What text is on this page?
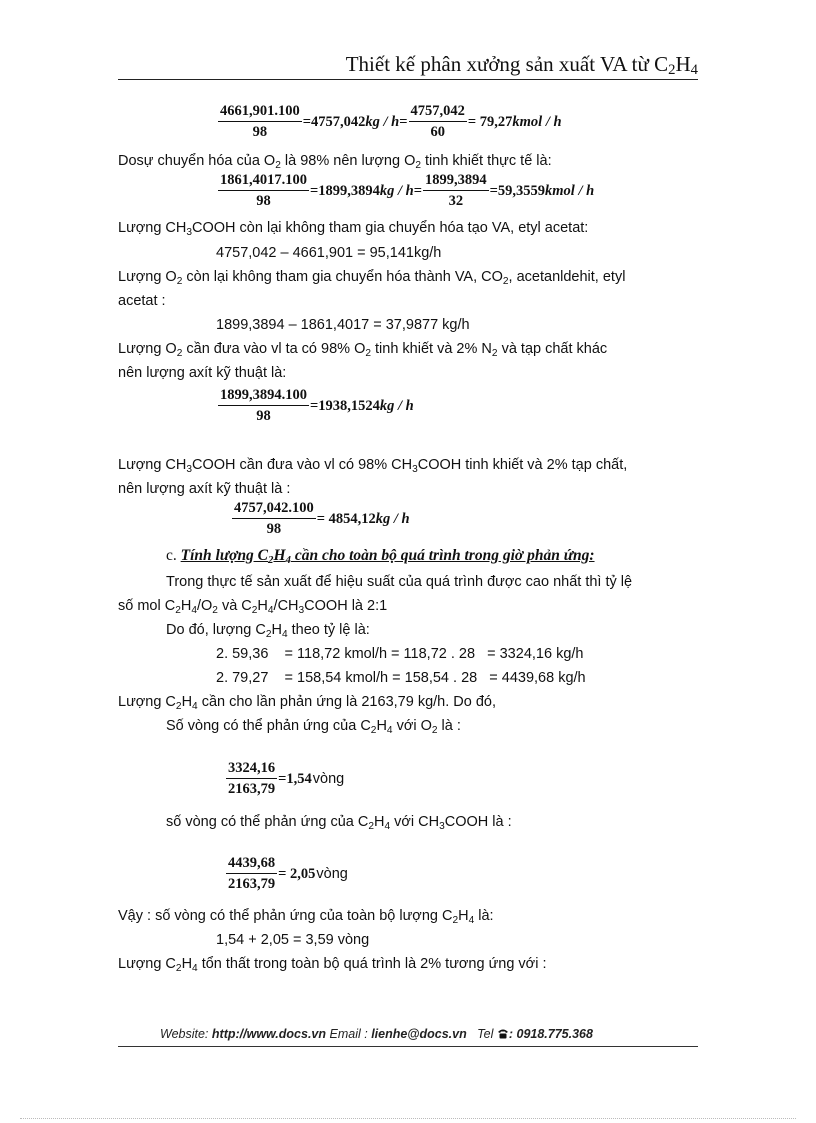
Thiết kế phân xưởng sản xuất VA từ $C_2H_4$
$\frac{4661,901.100}{98} =4757,042kg / h= \frac{4757,042}{60}$ = 79,27kmol / h
Dosự chuyển hóa của $O_2$ là 98% nên lượng $O_2$ tinh khiết thực tế là:
$\frac{1861,4017.100}{98} =1899,3894kg / h= \frac{1899,3894}{32}$ =59,3559kmol / h
Lượng $CH_3COOH$ còn lại không tham gia chuyển hóa tạo VA, etyl acetat:
4757,042 – 4661,901 = 95,141kg/h
Lượng $O_2$ còn lại không tham gia chuyển hóa thành VA, $CO_2$, acetanldehit, etyl
acetat :
1899,3894 – 1861,4017 = 37,9877 kg/h
Lượng $O_2$ cần đưa vào vl ta có 98% $O_2$ tinh khiết và 2% $N_2$ và tạp chất khác
nên lượng axít kỹ thuật là:
$\frac{1899,3894.100}{98} =1938,1524kg / h$
Lượng $CH_3COOH$ cần đưa vào vl có 98% $CH_3COOH$ tinh khiết và 2% tạp chất,
nên lượng axít kỹ thuật là :
$\frac{4757,042.100}{98} = 4854,12kg / h$
c. Tính lượng $C_2H_4$ cần cho toàn bộ quá trình trong giờ phản ứng:
Trong thực tế sản xuất để hiệu suất của quá trình được cao nhất thì tỷ lệ
số mol $C_2H_4/O_2$ và $C_2H_4/CH_3COOH$ là 2:1
Do đó, lượng $C_2H_4$ theo tỷ lệ là:
2. 59,36    = 118,72 kmol/h = 118,72 . 28   = 3324,16 kg/h
2. 79,27    = 158,54 kmol/h = 158,54 . 28   = 4439,68 kg/h
Lượng $C_2H_4$ cần cho lần phản ứng là 2163,79 kg/h. Do đó,
Số vòng có thể phản ứng của $C_2H_4$ với $O_2$ là :
$\frac{3324,16}{2163,79} =1,54$ vòng
số vòng có thể phản ứng của $C_2H_4$ với $CH_3COOH$ là :
$\frac{4439,68}{2163,79} = 2,05$ vòng
Vậy : số vòng có thể phản ứng của toàn bộ lượng $C_2H_4$ là:
1,54 + 2,05 = 3,59 vòng
Lượng $C_2H_4$ tổn thất trong toàn bộ quá trình là 2% tương ứng với :
Website: http://www.docs.vn Email : lienhe@docs.vn Tel : 0918.775.368
